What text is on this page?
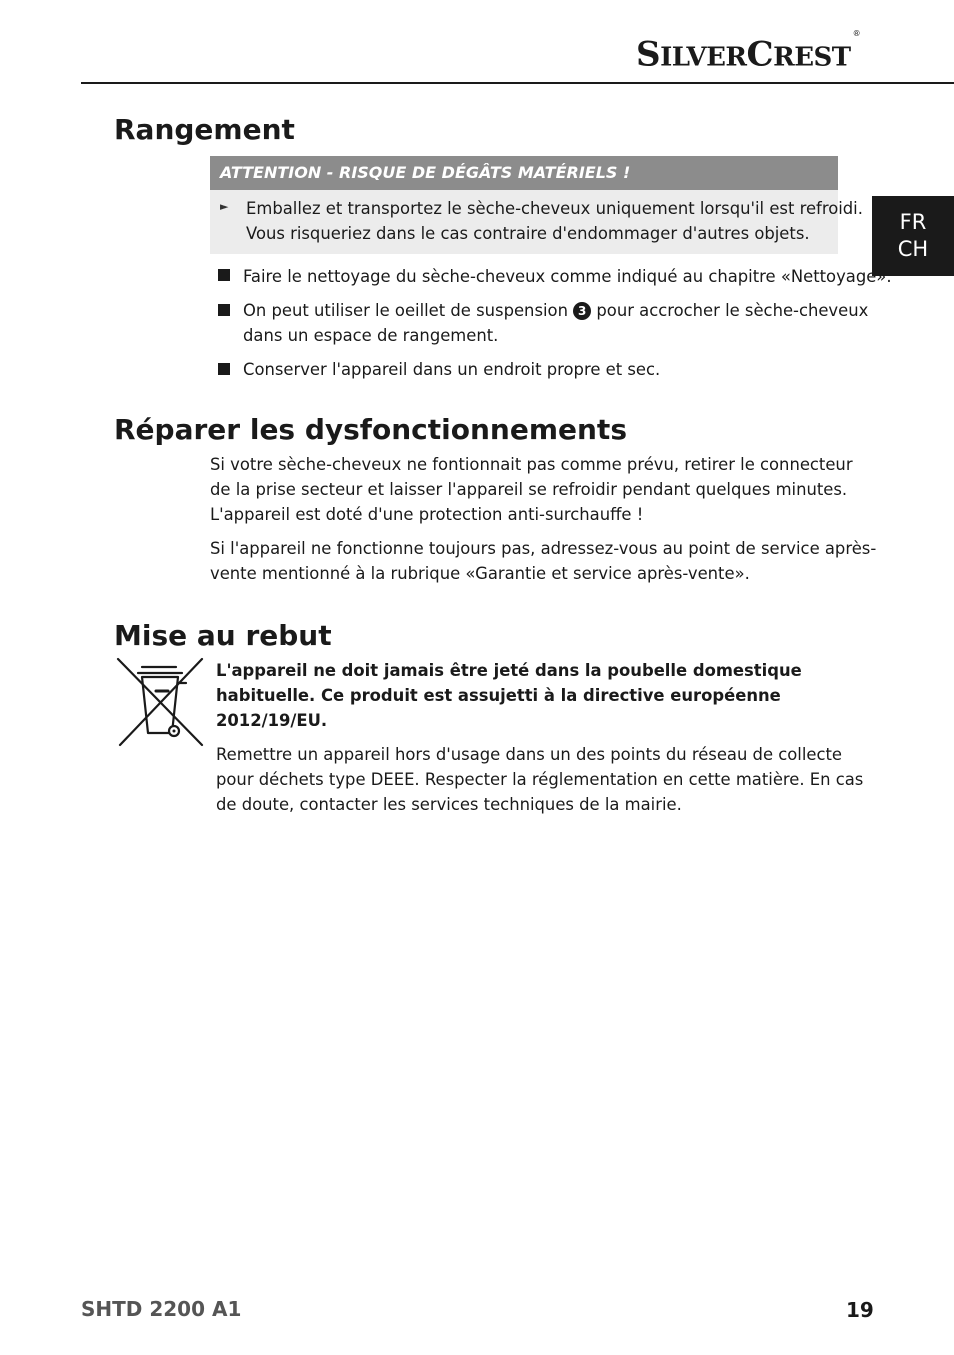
SILVERCREST®
FR
CH
Rangement
ATTENTION - RISQUE DE DÉGÂTS MATÉRIELS !
► Emballez et transportez le sèche-cheveux uniquement lorsqu'il est refroidi.
Vous risqueriez dans le cas contraire d'endommager d'autres objets.
Faire le nettoyage du sèche-cheveux comme indiqué au chapitre «Nettoyage».
On peut utiliser le oeillet de suspension 3 pour accrocher le sèche-cheveux
dans un espace de rangement.
Conserver l'appareil dans un endroit propre et sec.
Réparer les dysfonctionnements
Si votre sèche-cheveux ne fontionnait pas comme prévu, retirer le connecteur
de la prise secteur et laisser l'appareil se refroidir pendant quelques minutes.
L'appareil est doté d'une protection anti-surchauffe !
Si l'appareil ne fonctionne toujours pas, adressez-vous au point de service après-
vente mentionné à la rubrique «Garantie et service après-vente».
Mise au rebut
L'appareil ne doit jamais être jeté dans la poubelle domestique
habituelle. Ce produit est assujetti à la directive européenne
2012/19/EU.
Remettre un appareil hors d'usage dans un des points du réseau de collecte
pour déchets type DEEE. Respecter la réglementation en cette matière. En cas
de doute, contacter les services techniques de la mairie.
SHTD 2200 A1	19
